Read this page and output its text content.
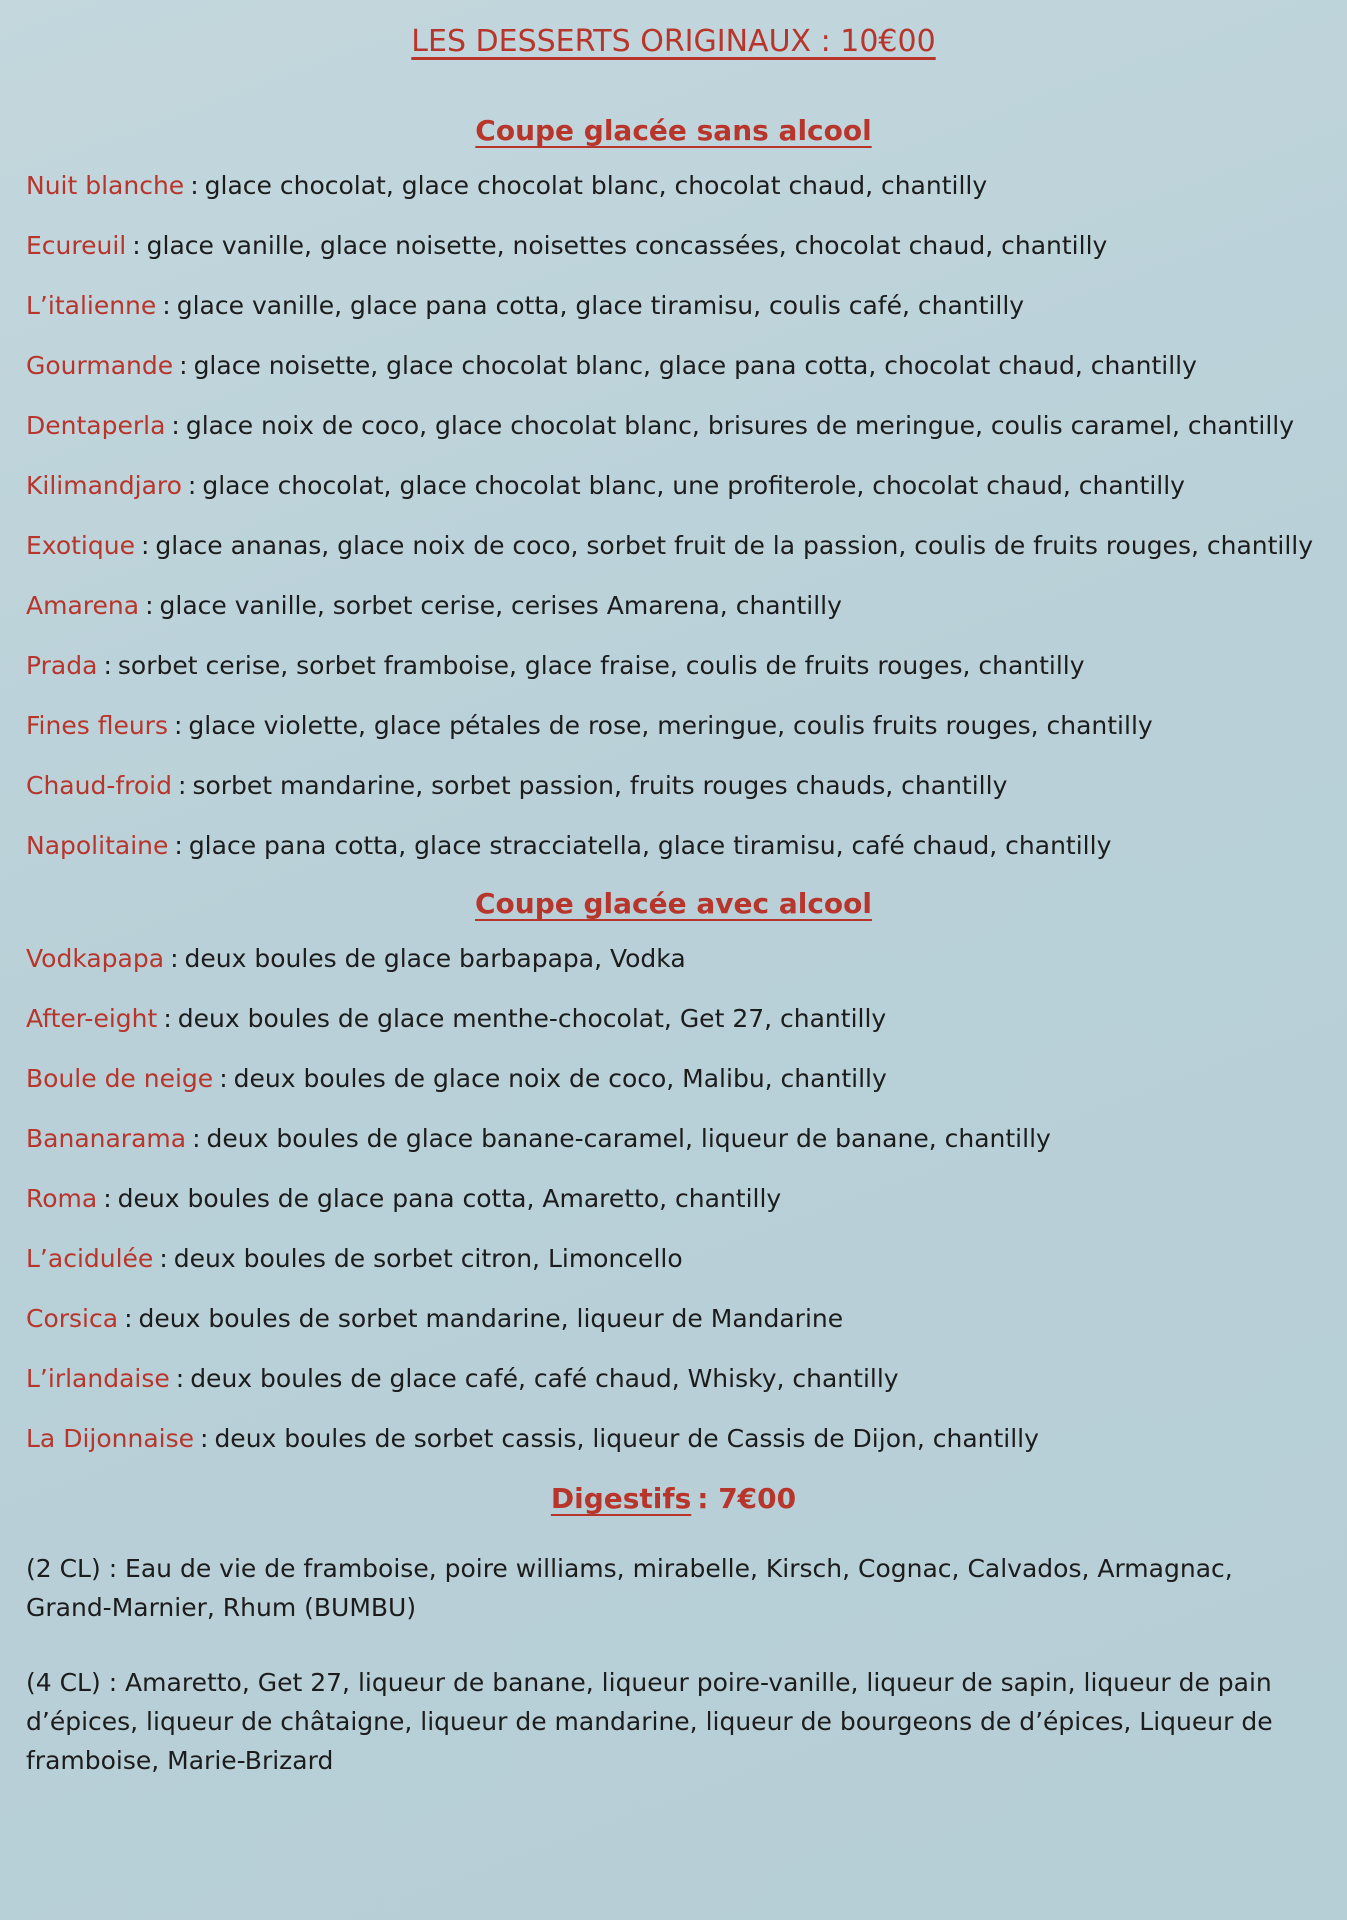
LES DESSERTS ORIGINAUX : 10€00
Coupe glacée sans alcool
Nuit blanche : glace chocolat, glace chocolat blanc, chocolat chaud, chantilly
Ecureuil : glace vanille, glace noisette, noisettes concassées, chocolat chaud, chantilly
L’italienne : glace vanille, glace pana cotta, glace tiramisu, coulis café, chantilly
Gourmande : glace noisette, glace chocolat blanc, glace pana cotta, chocolat chaud, chantilly
Dentaperla : glace noix de coco, glace chocolat blanc, brisures de meringue, coulis caramel, chantilly
Kilimandjaro : glace chocolat, glace chocolat blanc, une profiterole, chocolat chaud, chantilly
Exotique : glace ananas, glace noix de coco, sorbet fruit de la passion, coulis de fruits rouges, chantilly
Amarena : glace vanille, sorbet cerise, cerises Amarena, chantilly
Prada : sorbet cerise, sorbet framboise, glace fraise, coulis de fruits rouges, chantilly
Fines fleurs : glace violette, glace pétales de rose, meringue, coulis fruits rouges, chantilly
Chaud-froid : sorbet mandarine, sorbet passion, fruits rouges chauds, chantilly
Napolitaine : glace pana cotta, glace stracciatella, glace tiramisu, café chaud, chantilly
Coupe glacée avec alcool
Vodkapapa : deux boules de glace barbapapa, Vodka
After-eight : deux boules de glace menthe-chocolat, Get 27, chantilly
Boule de neige : deux boules de glace noix de coco, Malibu, chantilly
Bananarama : deux boules de glace banane-caramel, liqueur de banane, chantilly
Roma : deux boules de glace pana cotta, Amaretto, chantilly
L’acidulée : deux boules de sorbet citron, Limoncello
Corsica : deux boules de sorbet mandarine, liqueur de Mandarine
L’irlandaise : deux boules de glace café, café chaud, Whisky, chantilly
La Dijonnaise : deux boules de sorbet cassis, liqueur de Cassis de Dijon, chantilly
Digestifs : 7€00

(2 CL) : Eau de vie de framboise, poire williams, mirabelle, Kirsch, Cognac, Calvados, Armagnac, Grand-Marnier, Rhum (BUMBU)

(4 CL) : Amaretto, Get 27, liqueur de banane, liqueur poire-vanille, liqueur de sapin, liqueur de pain d’épices, liqueur de châtaigne, liqueur de mandarine, liqueur de bourgeons de d’épices, Liqueur de framboise, Marie-Brizard
